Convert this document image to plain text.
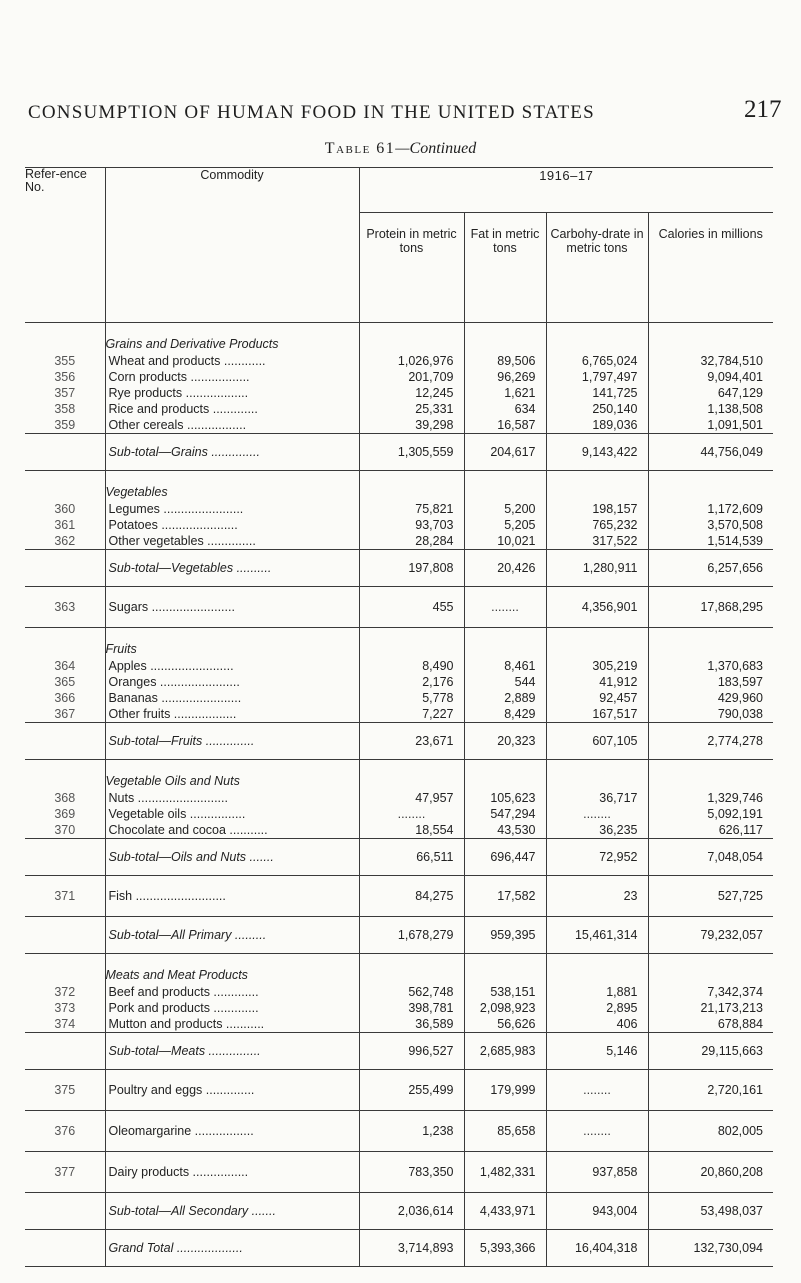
CONSUMPTION OF HUMAN FOOD IN THE UNITED STATES	217
Table 61—Continued
Refer-ence No.	Commodity	1916–17			
		Protein in metric tons	Fat in metric tons	Carbohy-drate in metric tons	Calories in millions
	Grains and Derivative Products				
355	Wheat and products ............	1,026,976	89,506	6,765,024	32,784,510
356	Corn products .................	201,709	96,269	1,797,497	9,094,401
357	Rye products ..................	12,245	1,621	141,725	647,129
358	Rice and products .............	25,331	634	250,140	1,138,508
359	Other cereals .................	39,298	16,587	189,036	1,091,501
	Sub-total—Grains ..............	1,305,559	204,617	9,143,422	44,756,049
	Vegetables				
360	Legumes .......................	75,821	5,200	198,157	1,172,609
361	Potatoes ......................	93,703	5,205	765,232	3,570,508
362	Other vegetables ..............	28,284	10,021	317,522	1,514,539
	Sub-total—Vegetables ..........	197,808	20,426	1,280,911	6,257,656
363	Sugars ........................	455	........	4,356,901	17,868,295
	Fruits				
364	Apples ........................	8,490	8,461	305,219	1,370,683
365	Oranges .......................	2,176	544	41,912	183,597
366	Bananas .......................	5,778	2,889	92,457	429,960
367	Other fruits ..................	7,227	8,429	167,517	790,038
	Sub-total—Fruits ..............	23,671	20,323	607,105	2,774,278
	Vegetable Oils and Nuts				
368	Nuts ..........................	47,957	105,623	36,717	1,329,746
369	Vegetable oils ................	........	547,294	........	5,092,191
370	Chocolate and cocoa ...........	18,554	43,530	36,235	626,117
	Sub-total—Oils and Nuts .......	66,511	696,447	72,952	7,048,054
371	Fish ..........................	84,275	17,582	23	527,725
	Sub-total—All Primary .........	1,678,279	959,395	15,461,314	79,232,057
	Meats and Meat Products				
372	Beef and products .............	562,748	538,151	1,881	7,342,374
373	Pork and products .............	398,781	2,098,923	2,895	21,173,213
374	Mutton and products ...........	36,589	56,626	406	678,884
	Sub-total—Meats ...............	996,527	2,685,983	5,146	29,115,663
375	Poultry and eggs ..............	255,499	179,999	........	2,720,161
376	Oleomargarine .................	1,238	85,658	........	802,005
377	Dairy products ................	783,350	1,482,331	937,858	20,860,208
	Sub-total—All Secondary .......	2,036,614	4,433,971	943,004	53,498,037
	Grand Total ...................	3,714,893	5,393,366	16,404,318	132,730,094
